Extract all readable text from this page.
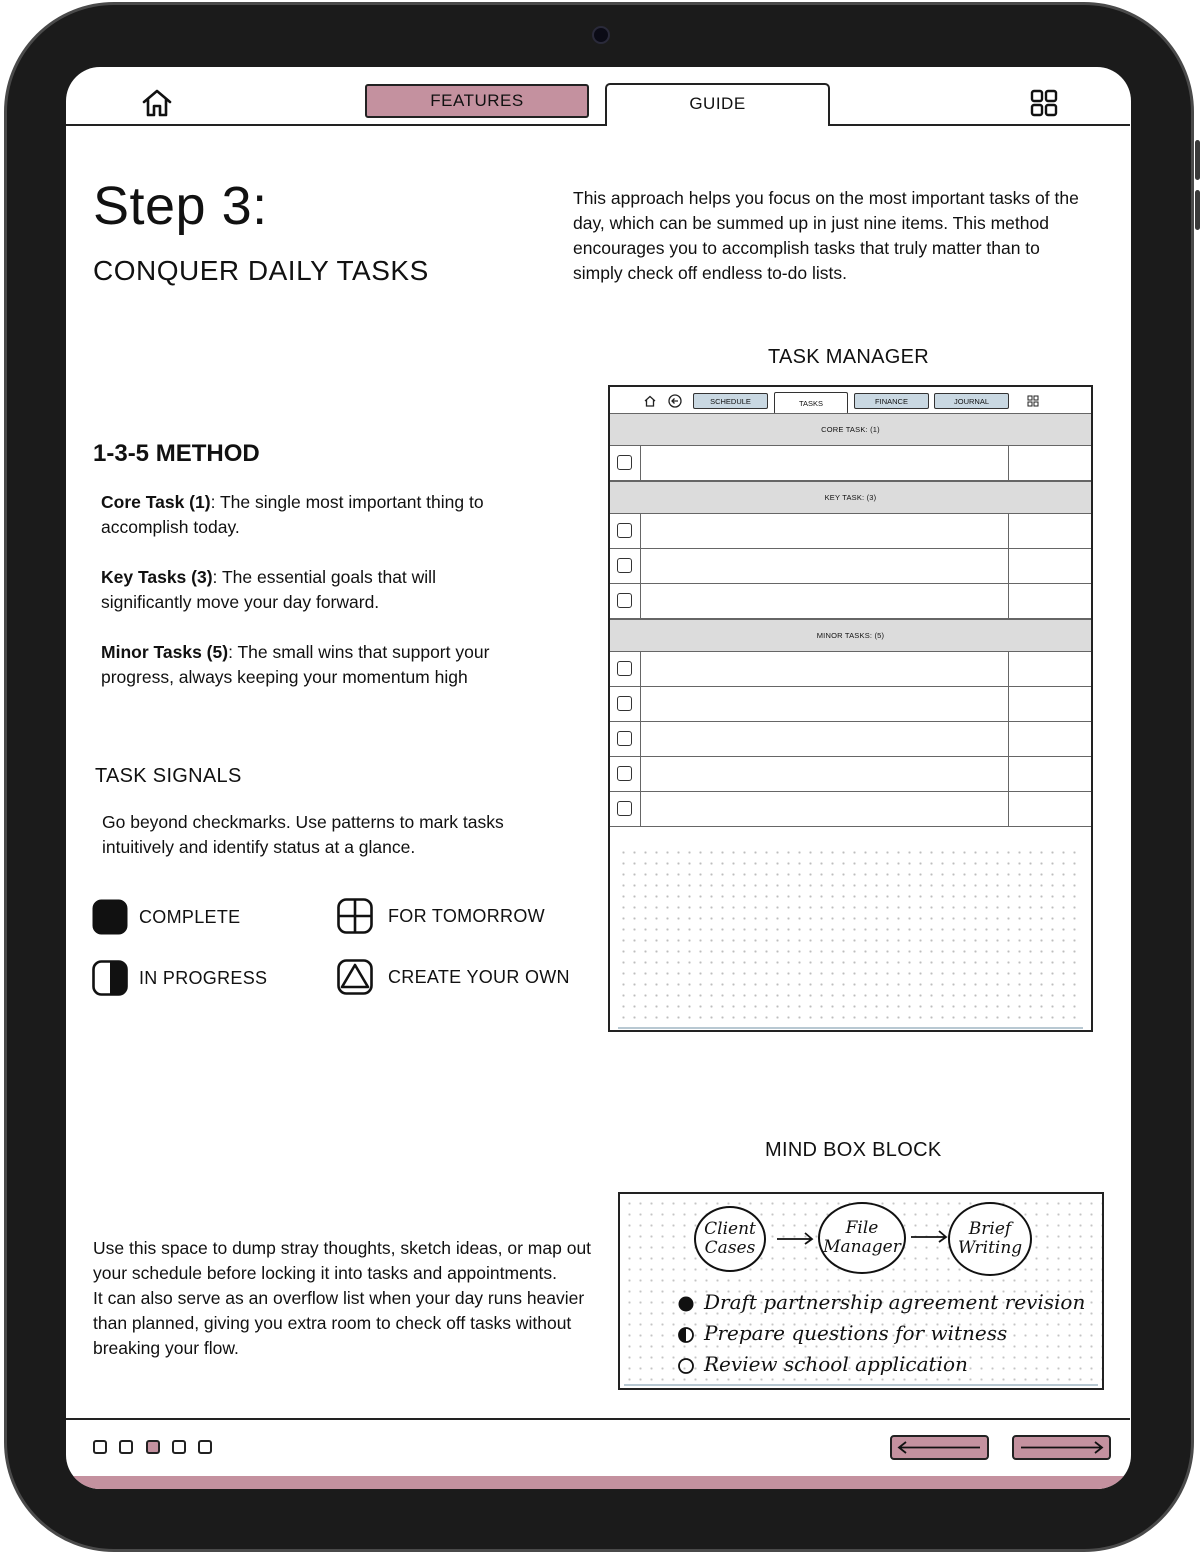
FEATURES	GUIDE
Step 3:
CONQUER DAILY TASKS
This approach helps you focus on the most important tasks of the day, which can be summed up in just nine items. This method encourages you to accomplish tasks that truly matter than to simply check off endless to-do lists.
1-3-5 METHOD
Core Task (1): The single most important thing to accomplish today.
Key Tasks (3): The essential goals that will significantly move your day forward.
Minor Tasks (5): The small wins that support your progress, always keeping your momentum high
TASK SIGNALS
Go beyond checkmarks. Use patterns to mark tasks intuitively and identify status at a glance.
COMPLETE	FOR TOMORROW
IN PROGRESS	CREATE YOUR OWN
TASK MANAGER
SCHEDULE	TASKS	FINANCE	JOURNAL
CORE TASK: (1)
KEY TASK: (3)
MINOR TASKS: (5)
MIND BOX BLOCK
Use this space to dump stray thoughts, sketch ideas, or map out your schedule before locking it into tasks and appointments.
It can also serve as an overflow list when your day runs heavier than planned, giving you extra room to check off tasks without breaking your flow.
Client Cases
File Manager
Brief Writing
Draft partnership agreement revision
Prepare questions for witness
Review school application
